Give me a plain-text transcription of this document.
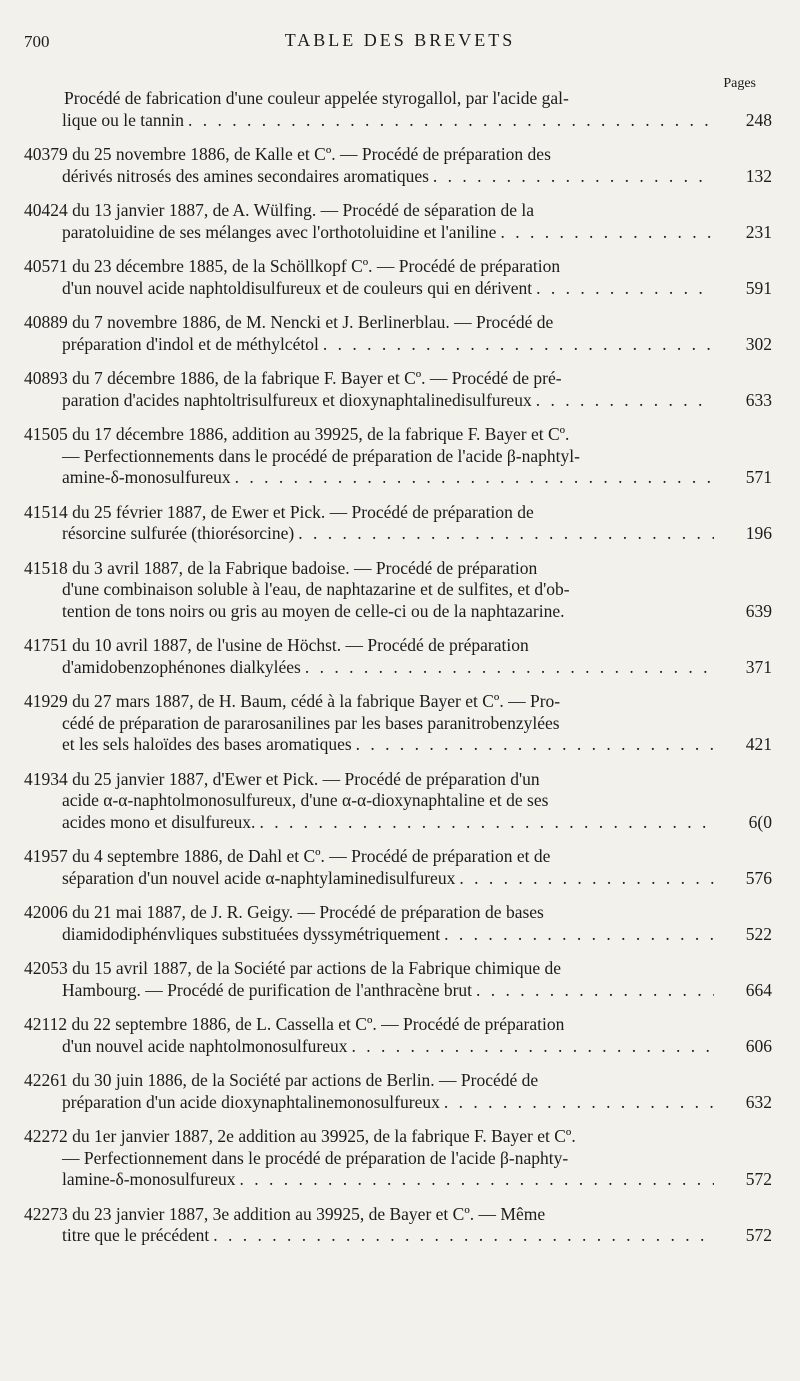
700	TABLE DES BREVETS
Pages
Procédé de fabrication d'une couleur appelée styrogallol, par l'acide gal-
lique ou le tannin . . .	248
40379 du 25 novembre 1886, de Kalle et Cº. — Procédé de préparation des
dérivés nitrosés des amines secondaires aromatiques . . .	132
40424 du 13 janvier 1887, de A. Wülfing. — Procédé de séparation de la
paratoluidine de ses mélanges avec l'orthotoluidine et l'aniline . . .	231
40571 du 23 décembre 1885, de la Schöllkopf Cº. — Procédé de préparation
d'un nouvel acide naphtoldisulfureux et de couleurs qui en dérivent . . .	591
40889 du 7 novembre 1886, de M. Nencki et J. Berlinerblau. — Procédé de
préparation d'indol et de méthylcétol . . .	302
40893 du 7 décembre 1886, de la fabrique F. Bayer et Cº. — Procédé de pré-
paration d'acides naphtoltrisulfureux et dioxynaphtalinedisulfureux . . .	633
41505 du 17 décembre 1886, addition au 39925, de la fabrique F. Bayer et Cº.
— Perfectionnements dans le procédé de préparation de l'acide β-naphtyl-
amine-δ-monosulfureux . . .	571
41514 du 25 février 1887, de Ewer et Pick. — Procédé de préparation de
résorcine sulfurée (thiorésorcine) . . .	196
41518 du 3 avril 1887, de la Fabrique badoise. — Procédé de préparation
d'une combinaison soluble à l'eau, de naphtazarine et de sulfites, et d'ob-
tention de tons noirs ou gris au moyen de celle-ci ou de la naphtazarine.	639
41751 du 10 avril 1887, de l'usine de Höchst. — Procédé de préparation
d'amidobenzophénones dialkylées . . .	371
41929 du 27 mars 1887, de H. Baum, cédé à la fabrique Bayer et Cº. — Pro-
cédé de préparation de pararosanilines par les bases paranitrobenzylées
et les sels haloïdes des bases aromatiques . . .	421
41934 du 25 janvier 1887, d'Ewer et Pick. — Procédé de préparation d'un
acide α-α-naphtolmonosulfureux, d'une α-α-dioxynaphtaline et de ses
acides mono et disulfureux. . . .	6(0
41957 du 4 septembre 1886, de Dahl et Cº. — Procédé de préparation et de
séparation d'un nouvel acide α-naphtylaminedisulfureux . . .	576
42006 du 21 mai 1887, de J. R. Geigy. — Procédé de préparation de bases
diamidodiphénvliques substituées dyssymétriquement . . .	522
42053 du 15 avril 1887, de la Société par actions de la Fabrique chimique de
Hambourg. — Procédé de purification de l'anthracène brut . . .	664
42112 du 22 septembre 1886, de L. Cassella et Cº. — Procédé de préparation
d'un nouvel acide naphtolmonosulfureux . . .	606
42261 du 30 juin 1886, de la Société par actions de Berlin. — Procédé de
préparation d'un acide dioxynaphtalinemonosulfureux . . .	632
42272 du 1er janvier 1887, 2e addition au 39925, de la fabrique F. Bayer et Cº.
— Perfectionnement dans le procédé de préparation de l'acide β-naphty-
lamine-δ-monosulfureux . . .	572
42273 du 23 janvier 1887, 3e addition au 39925, de Bayer et Cº. — Même
titre que le précédent . . .	572
